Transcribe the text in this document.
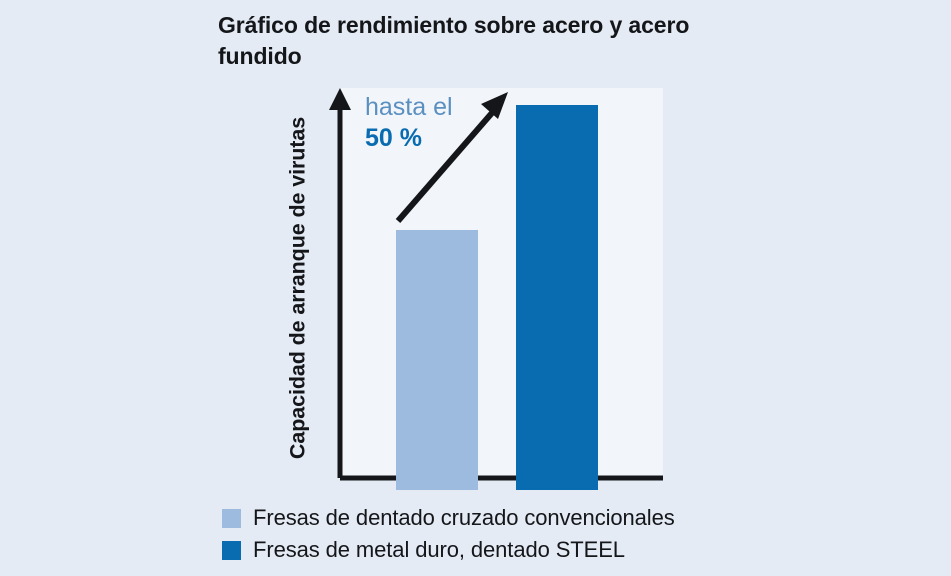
Gráfico de rendimiento sobre acero y acero fundido
Capacidad de arranque de virutas
hasta el
50 %
Fresas de dentado cruzado convencionales
Fresas de metal duro, dentado STEEL
